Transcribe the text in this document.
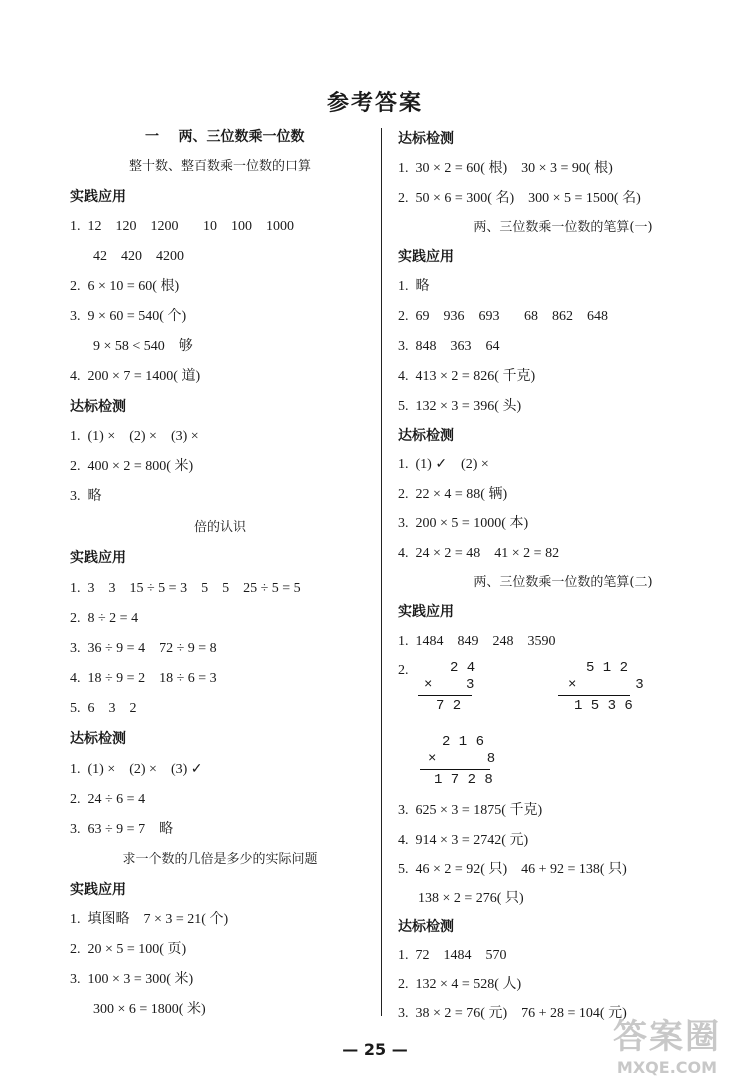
参考答案
一    两、三位数乘一位数
整十数、整百数乘一位数的口算
实践应用
1.  12    120    1200       10    100    1000
42    420    4200
2.  6 × 10 = 60( 根)
3.  9 × 60 = 540( 个)
9 × 58 < 540    够
4.  200 × 7 = 1400( 道)
达标检测
1.  (1) ×    (2) ×    (3) ×
2.  400 × 2 = 800( 米)
3.  略
倍的认识
实践应用
1.  3    3    15 ÷ 5 = 3    5    5    25 ÷ 5 = 5
2.  8 ÷ 2 = 4
3.  36 ÷ 9 = 4    72 ÷ 9 = 8
4.  18 ÷ 9 = 2    18 ÷ 6 = 3
5.  6    3    2
达标检测
1.  (1) ×    (2) ×    (3) ✓
2.  24 ÷ 6 = 4
3.  63 ÷ 9 = 7    略
求一个数的几倍是多少的实际问题
实践应用
1.  填图略    7 × 3 = 21( 个)
2.  20 × 5 = 100( 页)
3.  100 × 3 = 300( 米)
300 × 6 = 1800( 米)
达标检测
1.  30 × 2 = 60( 根)    30 × 3 = 90( 根)
2.  50 × 6 = 300( 名)    300 × 5 = 1500( 名)
两、三位数乘一位数的笔算(一)
实践应用
1.  略
2.  69    936    693       68    862    648
3.  848    363    64
4.  413 × 2 = 826( 千克)
5.  132 × 3 = 396( 头)
达标检测
1.  (1) ✓    (2) ×
2.  22 × 4 = 88( 辆)
3.  200 × 5 = 1000( 本)
4.  24 × 2 = 48    41 × 2 = 82
两、三位数乘一位数的笔算(二)
实践应用
1.  1484    849    248    3590
2.	2 4
×    3
7 2
5 1 2
×       3
1 5 3 6
2 1 6
×      8
1 7 2 8
3.  625 × 3 = 1875( 千克)
4.  914 × 3 = 2742( 元)
5.  46 × 2 = 92( 只)    46 + 92 = 138( 只)
138 × 2 = 276( 只)
达标检测
1.  72    1484    570
2.  132 × 4 = 528( 人)
3.  38 × 2 = 76( 元)    76 + 28 = 104( 元)
— 25 —	答案圈
MXQE.COM
